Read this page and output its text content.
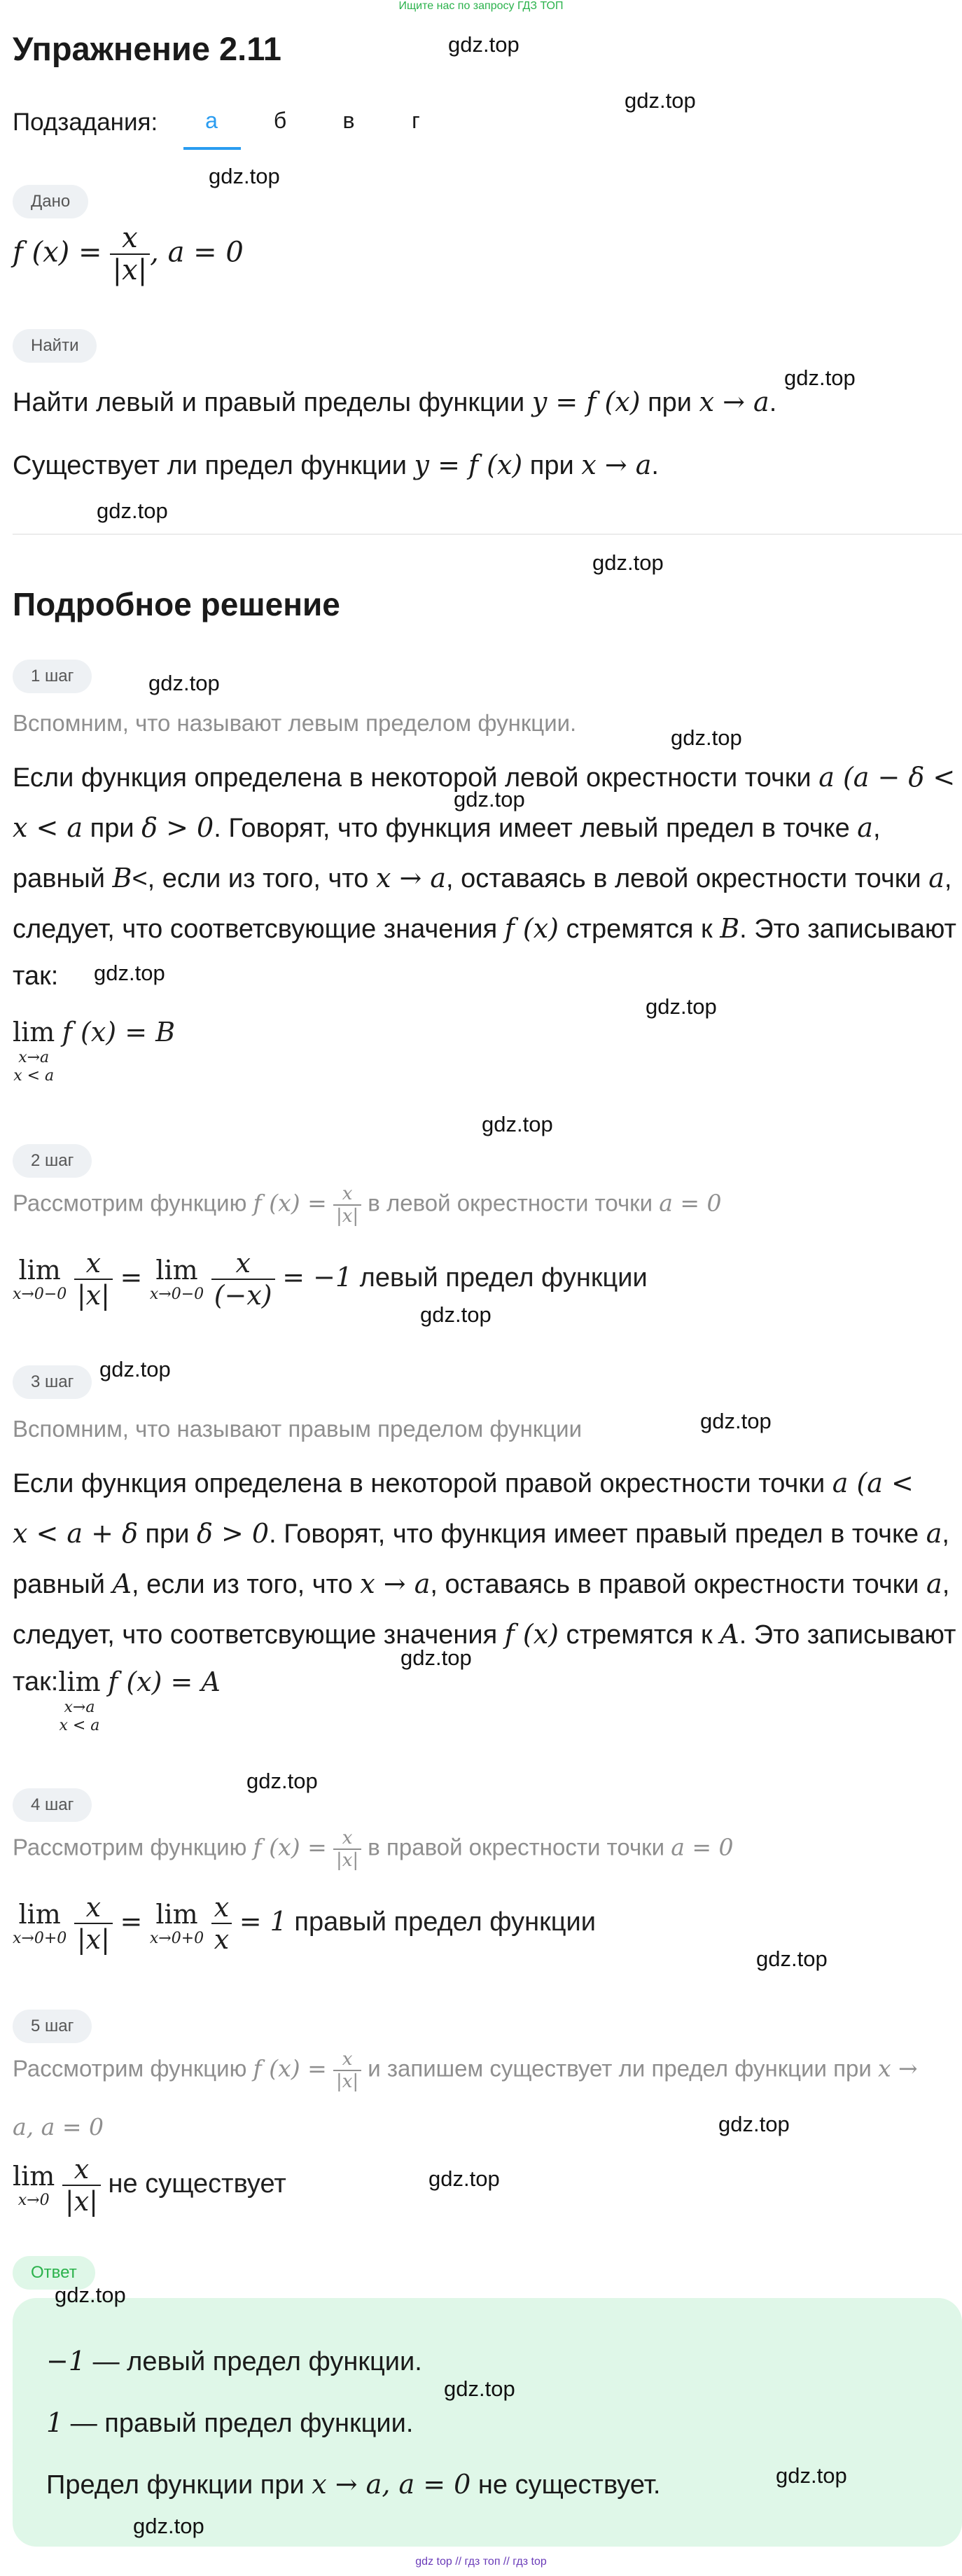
Ищите нас по запросу ГДЗ ТОП
Упражнение 2.11
Подзадания:	а	б	в	г
Дано
f $(x) = \frac{x}{|x|}$ , a = 0
Найти
Найти левый и правый пределы функции y = f (x) при x → a.
Существует ли предел функции y = f (x) при x → a.
Подробное решение
1 шаг
Вспомним, что называют левым пределом функции.
Если функция определена в некоторой левой окрестности точки a (a − δ <
x < a при δ > 0. Говорят, что функция имеет левый предел в точке a,
равный B<, если из того, что x → a, оставаясь в левой окрестности точки a,
следует, что соответсвующие значения f (x) стремятся к B. Это записывают
так:
lim
x→a
x < a
f (x) = B
2 шаг
Рассмотрим функцию f $(x) = \frac{x}{|x|}$ в левой окрестности точки a = 0
lim
x→0−0
$\frac{x}{|x|} = \lim$
x→0−0
$\frac{x}{(-x)} = -1$ левый предел функции
3 шаг
Вспомним, что называют правым пределом функции
Если функция определена в некоторой правой окрестности точки a (a <
x < a + δ при δ > 0. Говорят, что функция имеет правый предел в точке a,
равный A, если из того, что x → a, оставаясь в правой окрестности точки a,
следует, что соответсвующие значения f (x) стремятся к A. Это записывают
так: lim
x→a
x < a
f (x) = A
4 шаг
Рассмотрим функцию f $(x) = \frac{x}{|x|}$ в правой окрестности точки a = 0
lim
x→0+0
$\frac{x}{|x|} = \lim$
x→0+0
$\frac{x}{x} = 1$ правый предел функции
5 шаг
Рассмотрим функцию f $(x) = \frac{x}{|x|}$ и запишем существует ли предел функции при x →
a, a = 0
lim
x→0
$\frac{x}{|x|}$ не существует
Ответ
−1 — левый предел функции.
1 — правый предел функции.
Предел функции при x → a, a = 0 не существует.
gdz.top
gdz.top
gdz.top
gdz.top
gdz.top
gdz.top
gdz.top
gdz.top
gdz.top
gdz.top
gdz.top
gdz.top
gdz.top
gdz.top
gdz.top
gdz.top
gdz.top
gdz.top
gdz.top
gdz.top
gdz.top
gdz.top
gdz.top
gdz.top
gdz top // гдз топ // гдз top
